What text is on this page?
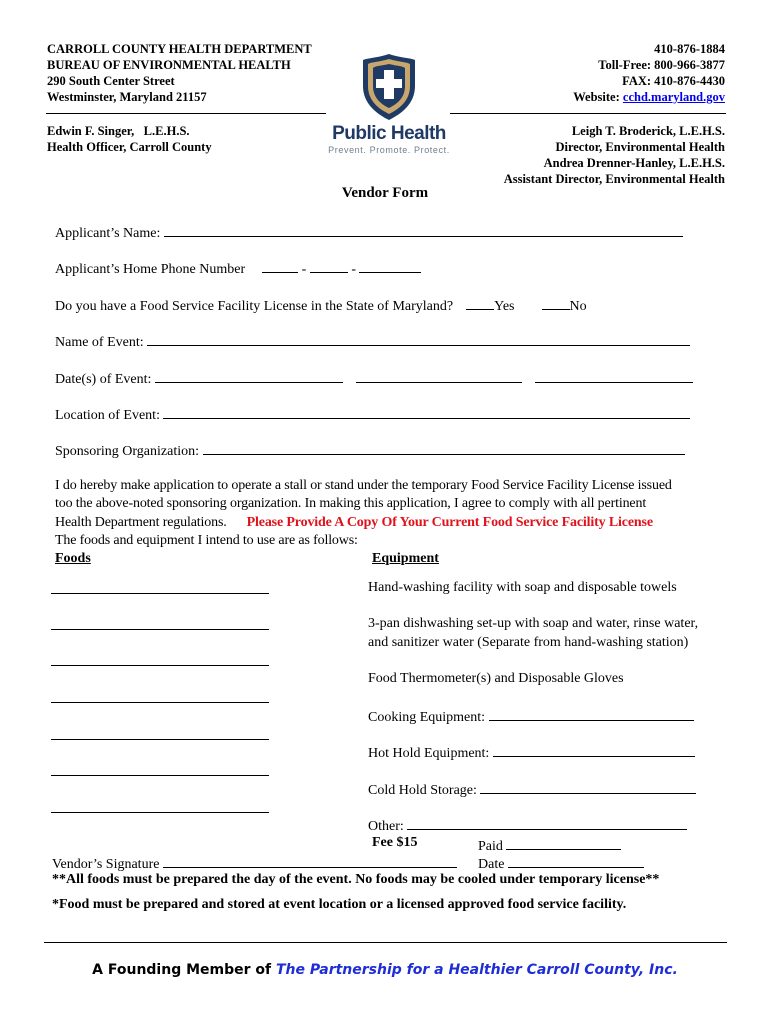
CARROLL COUNTY HEALTH DEPARTMENT
BUREAU OF ENVIRONMENTAL HEALTH
290 South Center Street
Westminster, Maryland 21157
Edwin F. Singer,   L.E.H.S.
Health Officer, Carroll County
Public Health
Prevent. Promote. Protect.
410-876-1884
Toll-Free: 800-966-3877
FAX: 410-876-4430
Website: cchd.maryland.gov
Leigh T. Broderick, L.E.H.S.
Director, Environmental Health
Andrea Drenner-Hanley, L.E.H.S.
Assistant Director, Environmental Health
Vendor Form
Applicant’s Name:
Applicant’s Home Phone Number	-	-
Do you have a Food Service Facility License in the State of Maryland?	Yes	No
Name of Event:
Date(s) of Event:
Location of Event:
Sponsoring Organization:
I do hereby make application to operate a stall or stand under the temporary Food Service Facility License issued
too the above-noted sponsoring organization. In making this application, I agree to comply with all pertinent
Health Department regulations. Please Provide A Copy Of Your Current Food Service Facility License
The foods and equipment I intend to use are as follows:
Foods	Equipment
Hand-washing facility with soap and disposable towels
3-pan dishwashing set-up with soap and water, rinse water,
and sanitizer water (Separate from hand-washing station)
Food Thermometer(s) and Disposable Gloves
Cooking Equipment:
Hot Hold Equipment:
Cold Hold Storage:
Other:
Fee $15	Paid
Vendor’s Signature	Date
**All foods must be prepared the day of the event. No foods may be cooled under temporary license**
*Food must be prepared and stored at event location or a licensed approved food service facility.
A Founding Member of The Partnership for a Healthier Carroll County, Inc.
